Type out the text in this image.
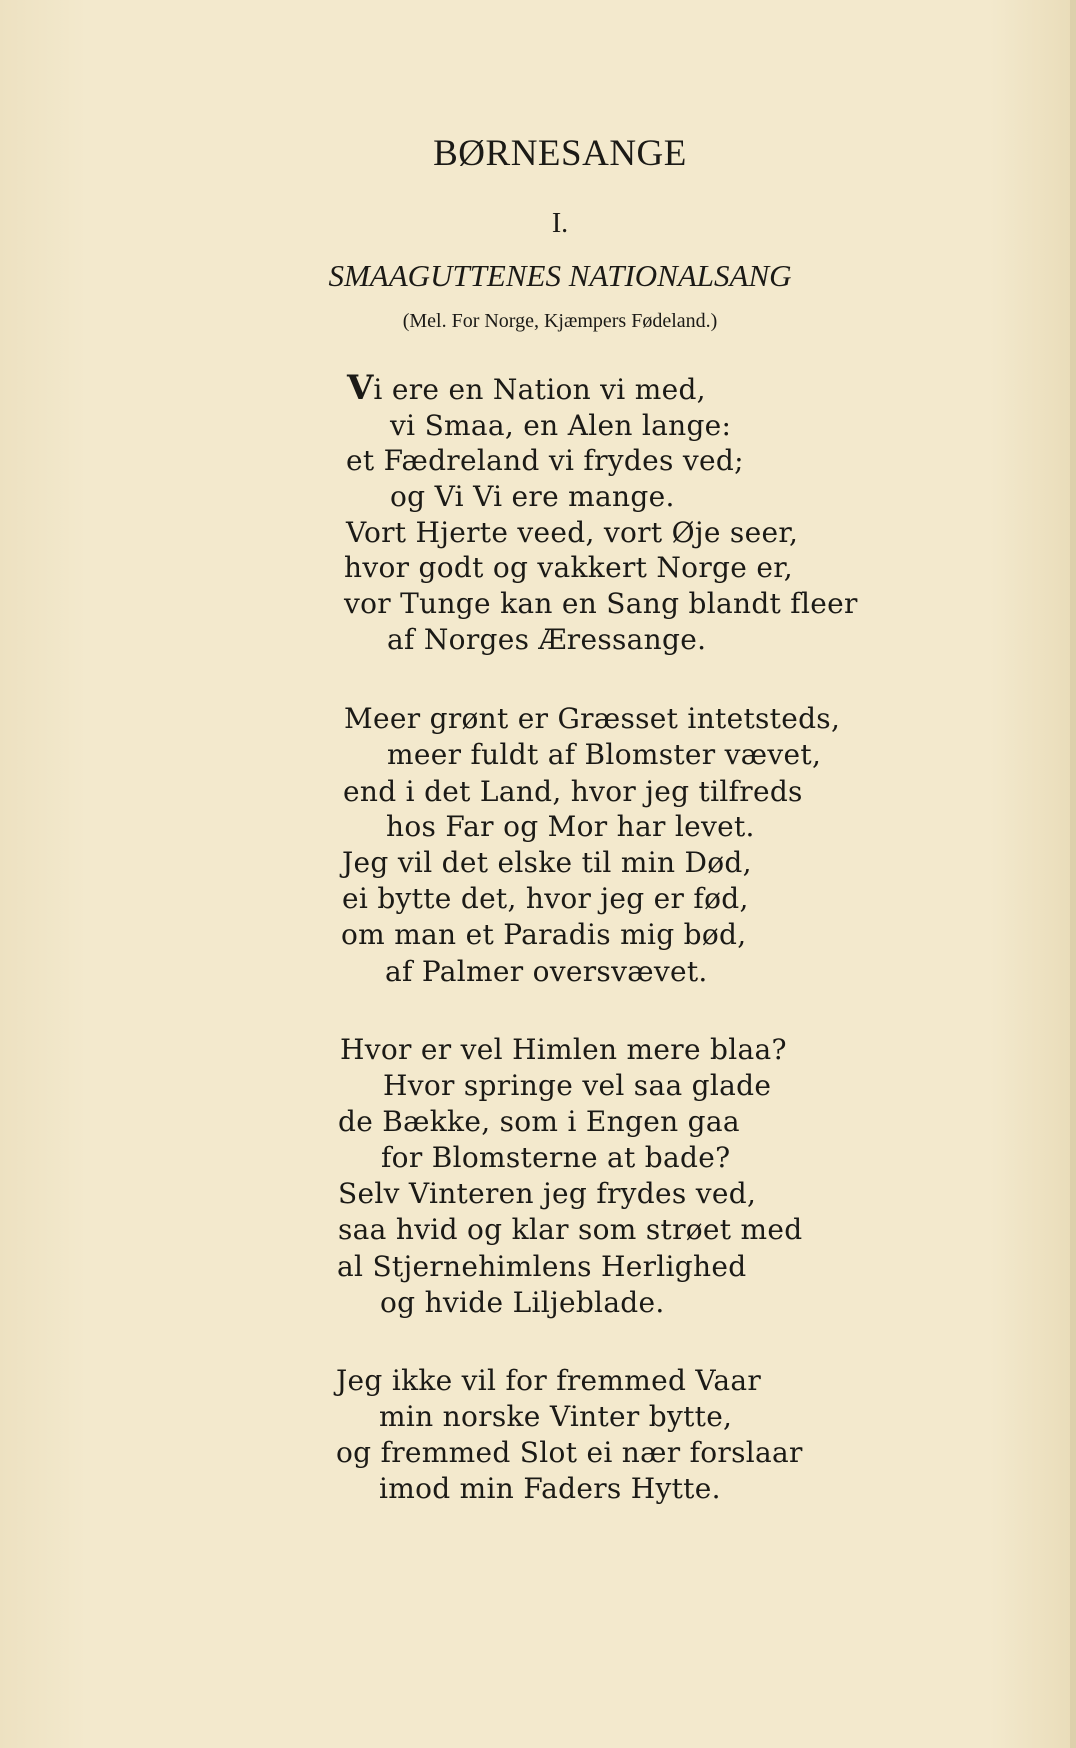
BØRNESANGE
I.
SMAAGUTTENES NATIONALSANG
(Mel. For Norge, Kjæmpers Fødeland.)
Vi ere en Nation vi med,
vi Smaa, en Alen lange:
et Fædreland vi frydes ved;
og Vi Vi ere mange.
Vort Hjerte veed, vort Øje seer,
hvor godt og vakkert Norge er,
vor Tunge kan en Sang blandt fleer
af Norges Æressange.
Meer grønt er Græsset intetsteds,
meer fuldt af Blomster vævet,
end i det Land, hvor jeg tilfreds
hos Far og Mor har levet.
Jeg vil det elske til min Død,
ei bytte det, hvor jeg er fød,
om man et Paradis mig bød,
af Palmer oversvævet.
Hvor er vel Himlen mere blaa?
Hvor springe vel saa glade
de Bække, som i Engen gaa
for Blomsterne at bade?
Selv Vinteren jeg frydes ved,
saa hvid og klar som strøet med
al Stjernehimlens Herlighed
og hvide Liljeblade.
Jeg ikke vil for fremmed Vaar
min norske Vinter bytte,
og fremmed Slot ei nær forslaar
imod min Faders Hytte.
